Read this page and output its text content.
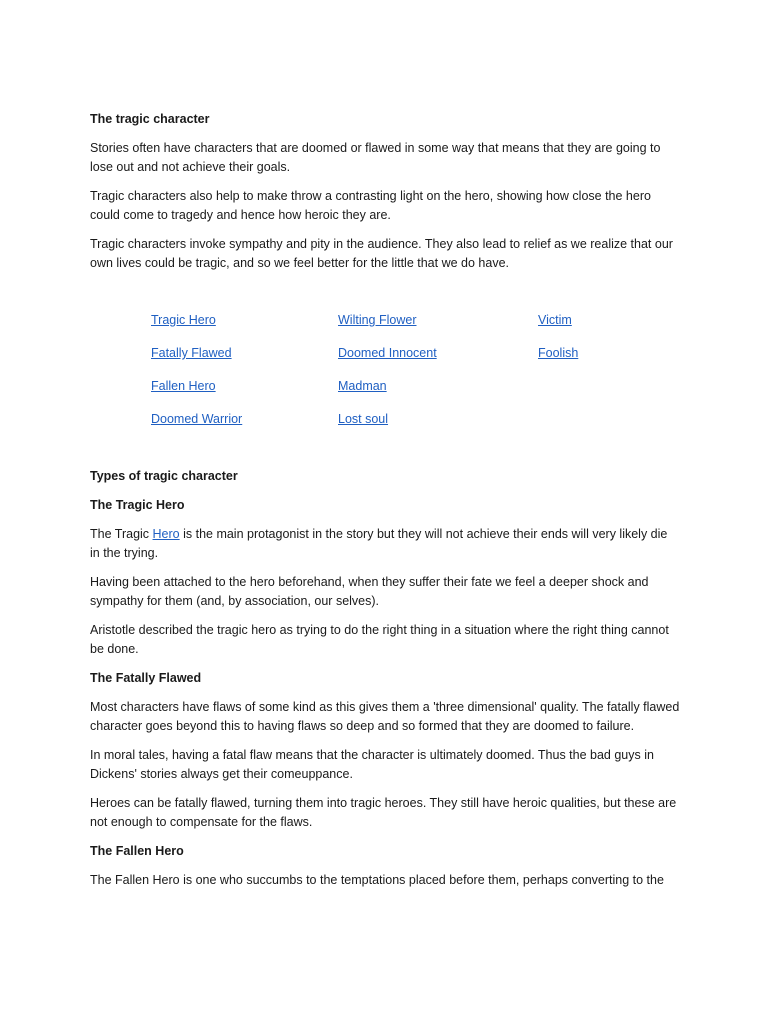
The tragic character

Stories often have characters that are doomed or flawed in some way that means that they are going to lose out and not achieve their goals.

Tragic characters also help to make throw a contrasting light on the hero, showing how close the hero could come to tragedy and hence how heroic they are.

Tragic characters invoke sympathy and pity in the audience. They also lead to relief as we realize that our own lives could be tragic, and so we feel better for the little that we do have.

Tragic Hero
Fatally Flawed
Fallen Hero
Doomed Warrior
Wilting Flower
Doomed Innocent
Madman
Lost soul
Victim
Foolish
Types of tragic character
The Tragic Hero

The Tragic Hero is the main protagonist in the story but they will not achieve their ends will very likely die in the trying.

Having been attached to the hero beforehand, when they suffer their fate we feel a deeper shock and sympathy for them (and, by association, our selves).

Aristotle described the tragic hero as trying to do the right thing in a situation where the right thing cannot be done.

The Fatally Flawed

Most characters have flaws of some kind as this gives them a 'three dimensional' quality. The fatally flawed character goes beyond this to having flaws so deep and so formed that they are doomed to failure.

In moral tales, having a fatal flaw means that the character is ultimately doomed. Thus the bad guys in Dickens' stories always get their comeuppance.

Heroes can be fatally flawed, turning them into tragic heroes. They still have heroic qualities, but these are not enough to compensate for the flaws.

The Fallen Hero

The Fallen Hero is one who succumbs to the temptations placed before them, perhaps converting to the
